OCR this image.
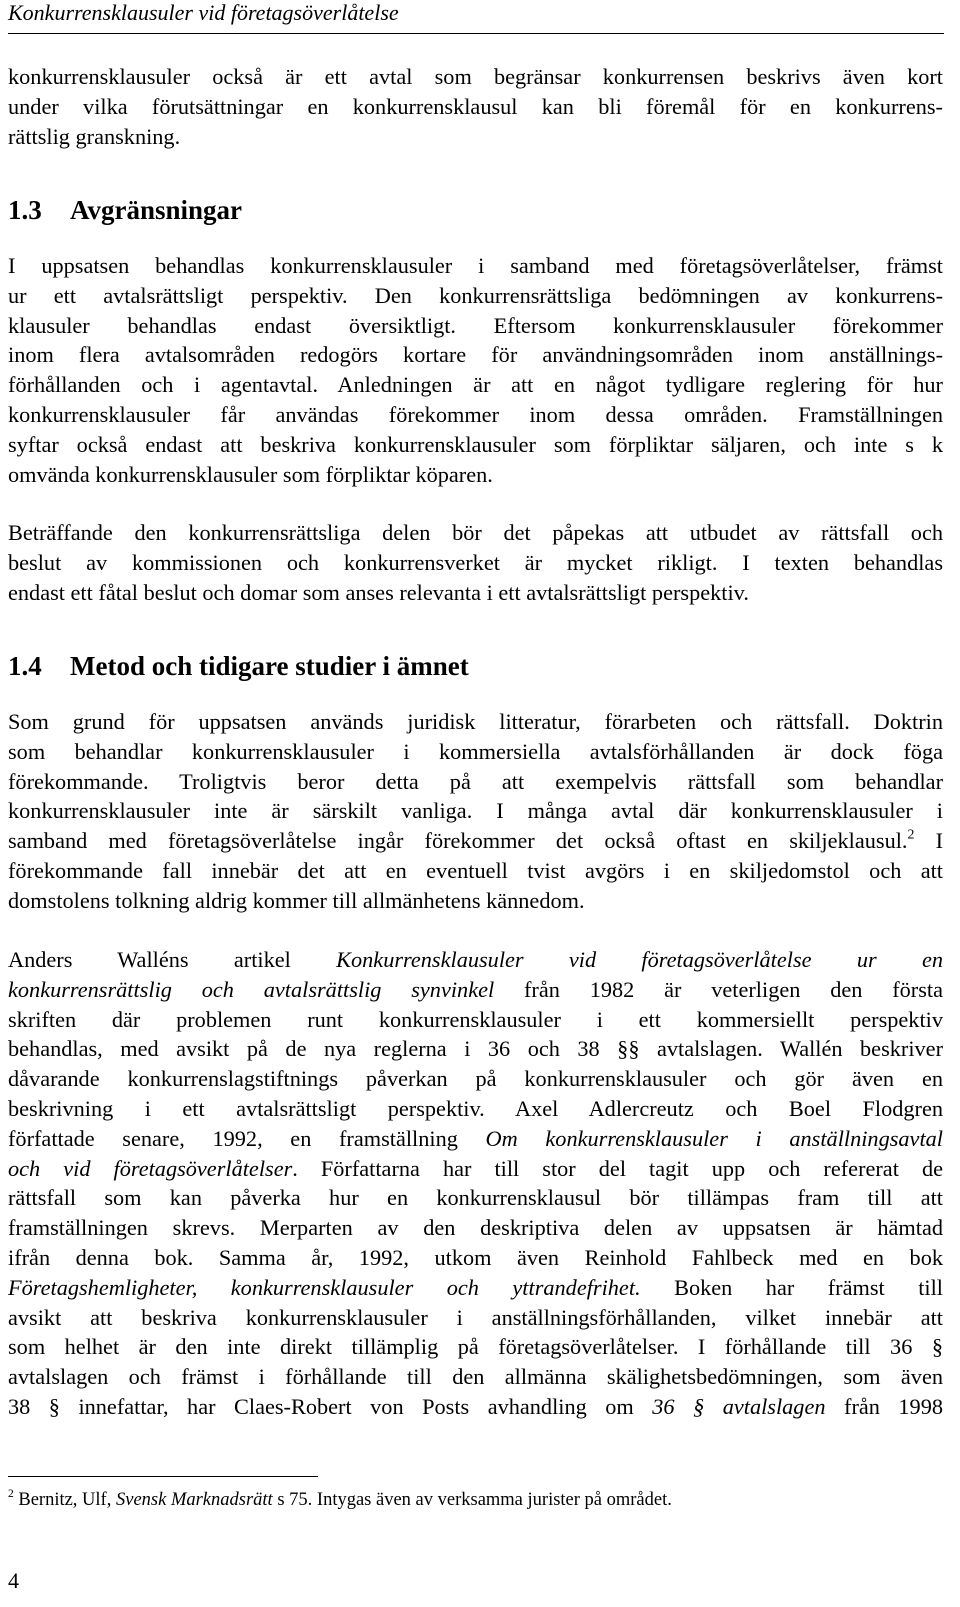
Konkurrensklausuler vid företagsöverlåtelse

konkurrensklausuler också är ett avtal som begränsar konkurrensen beskrivs även kort
under vilka förutsättningar en konkurrensklausul kan bli föremål för en konkurrens-
rättslig granskning.

1.3 Avgränsningar

I uppsatsen behandlas konkurrensklausuler i samband med företagsöverlåtelser, främst
ur ett avtalsrättsligt perspektiv. Den konkurrensrättsliga bedömningen av konkurrens-
klausuler behandlas endast översiktligt. Eftersom konkurrensklausuler förekommer
inom flera avtalsområden redogörs kortare för användningsområden inom anställnings-
förhållanden och i agentavtal. Anledningen är att en något tydligare reglering för hur
konkurrensklausuler får användas förekommer inom dessa områden. Framställningen
syftar också endast att beskriva konkurrensklausuler som förpliktar säljaren, och inte s k
omvända konkurrensklausuler som förpliktar köparen.

Beträffande den konkurrensrättsliga delen bör det påpekas att utbudet av rättsfall och
beslut av kommissionen och konkurrensverket är mycket rikligt. I texten behandlas
endast ett fåtal beslut och domar som anses relevanta i ett avtalsrättsligt perspektiv.

1.4 Metod och tidigare studier i ämnet

Som grund för uppsatsen används juridisk litteratur, förarbeten och rättsfall. Doktrin
som behandlar konkurrensklausuler i kommersiella avtalsförhållanden är dock föga
förekommande. Troligtvis beror detta på att exempelvis rättsfall som behandlar
konkurrensklausuler inte är särskilt vanliga. I många avtal där konkurrensklausuler i
samband med företagsöverlåtelse ingår förekommer det också oftast en skiljeklausul.$^2$ I
förekommande fall innebär det att en eventuell tvist avgörs i en skiljedomstol och att
domstolens tolkning aldrig kommer till allmänhetens kännedom.

Anders Walléns artikel Konkurrensklausuler vid företagsöverlåtelse ur en
konkurrensrättslig och avtalsrättslig synvinkel från 1982 är veterligen den första
skriften där problemen runt konkurrensklausuler i ett kommersiellt perspektiv
behandlas, med avsikt på de nya reglerna i 36 och 38 §§ avtalslagen. Wallén beskriver
dåvarande konkurrenslagstiftnings påverkan på konkurrensklausuler och gör även en
beskrivning i ett avtalsrättsligt perspektiv. Axel Adlercreutz och Boel Flodgren
författade senare, 1992, en framställning Om konkurrensklausuler i anställningsavtal
och vid företagsöverlåtelser. Författarna har till stor del tagit upp och refererat de
rättsfall som kan påverka hur en konkurrensklausul bör tillämpas fram till att
framställningen skrevs. Merparten av den deskriptiva delen av uppsatsen är hämtad
ifrån denna bok. Samma år, 1992, utkom även Reinhold Fahlbeck med en bok
Företagshemligheter, konkurrensklausuler och yttrandefrihet. Boken har främst till
avsikt att beskriva konkurrensklausuler i anställningsförhållanden, vilket innebär att
som helhet är den inte direkt tillämplig på företagsöverlåtelser. I förhållande till 36 §
avtalslagen och främst i förhållande till den allmänna skälighetsbedömningen, som även
38 § innefattar, har Claes-Robert von Posts avhandling om 36 § avtalslagen från 1998

$^2$ Bernitz, Ulf, Svensk Marknadsrätt s 75. Intygas även av verksamma jurister på området.
4
